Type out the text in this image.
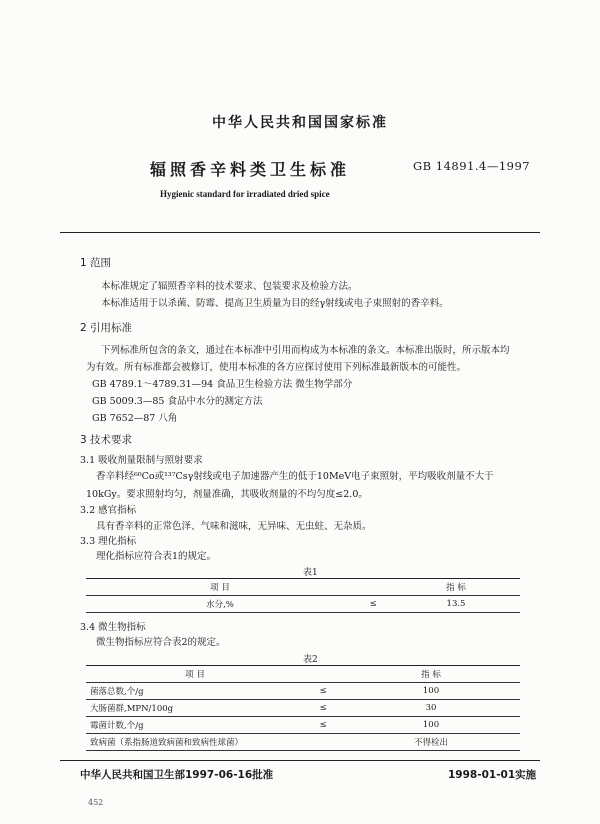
中华人民共和国国家标准
辐照香辛料类卫生标准	GB 14891.4—1997
Hygienic standard for irradiated dried spice
1 范围
本标准规定了辐照香辛料的技术要求、包装要求及检验方法。
本标准适用于以杀菌、防霉、提高卫生质量为目的经γ射线或电子束照射的香辛料。
2 引用标准
下列标准所包含的条文，通过在本标准中引用而构成为本标准的条文。本标准出版时，所示版本均
为有效。所有标准都会被修订，使用本标准的各方应探讨使用下列标准最新版本的可能性。
GB 4789.1～4789.31—94 食品卫生检验方法 微生物学部分
GB 5009.3—85 食品中水分的测定方法
GB 7652—87 八角
3 技术要求
3.1 吸收剂量限制与照射要求
香辛料经⁶⁰Co或¹³⁷Csγ射线或电子加速器产生的低于10MeV电子束照射，平均吸收剂量不大于
10kGy。要求照射均匀，剂量准确，其吸收剂量的不均匀度≤2.0。
3.2 感官指标
具有香辛料的正常色泽、气味和滋味，无异味、无虫蛀、无杂质。
3.3 理化指标
理化指标应符合表1的规定。
表1
项 目		指 标
水分,%	≤	13.5
3.4 微生物指标
微生物指标应符合表2的规定。
表2
项 目		指 标
菌落总数,个/g	≤	100
大肠菌群,MPN/100g	≤	30
霉菌计数,个/g	≤	100
致病菌（系指肠道致病菌和致病性球菌）		不得检出
中华人民共和国卫生部1997-06-16批准	1998-01-01实施
452
